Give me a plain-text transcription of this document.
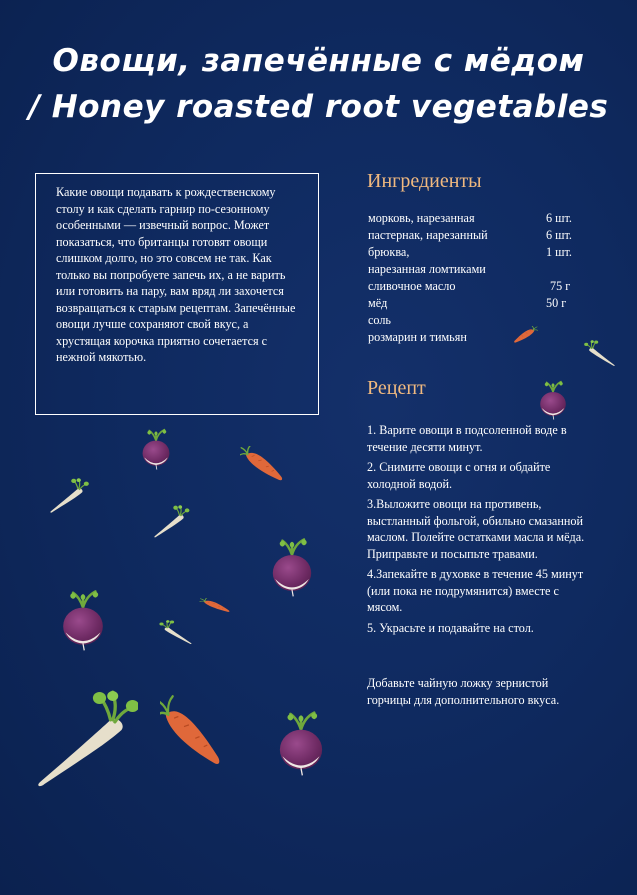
Овощи, запечённые с мёдом
/ Honey roasted root vegetables

Какие овощи подавать к рождественскому столу и как сделать гарнир по-сезонному особенными — извечный вопрос. Может показаться, что британцы готовят овощи слишком долго, но это совсем не так. Как только вы попробуете запечь их, а не варить или готовить на пару, вам вряд ли захочется возвращаться к старым рецептам. Запечённые овощи лучше сохраняют свой вкус, а хрустящая корочка приятно сочетается с нежной мякотью.

Ингредиенты
морковь, нарезанная	6 шт.
пастернак, нарезанный	6 шт.
брюква,	1 шт.
нарезанная ломтиками
сливочное масло	75 г
мёд	50 г
соль
розмарин и тимьян
Рецепт

1. Варите овощи в подсоленной воде в течение десяти минут.

2. Снимите овощи с огня и обдайте холодной водой.

3.Выложите овощи на противень, выстланный фольгой, обильно смазанной маслом. Полейте остатками масла и мёда. Приправьте и посыпьте травами.

4.Запекайте в духовке в течение 45 минут (или пока не подрумянится) вместе с мясом.

5. Украсьте и подавайте на стол.

Добавьте чайную ложку зернистой горчицы для дополнительного вкуса.
